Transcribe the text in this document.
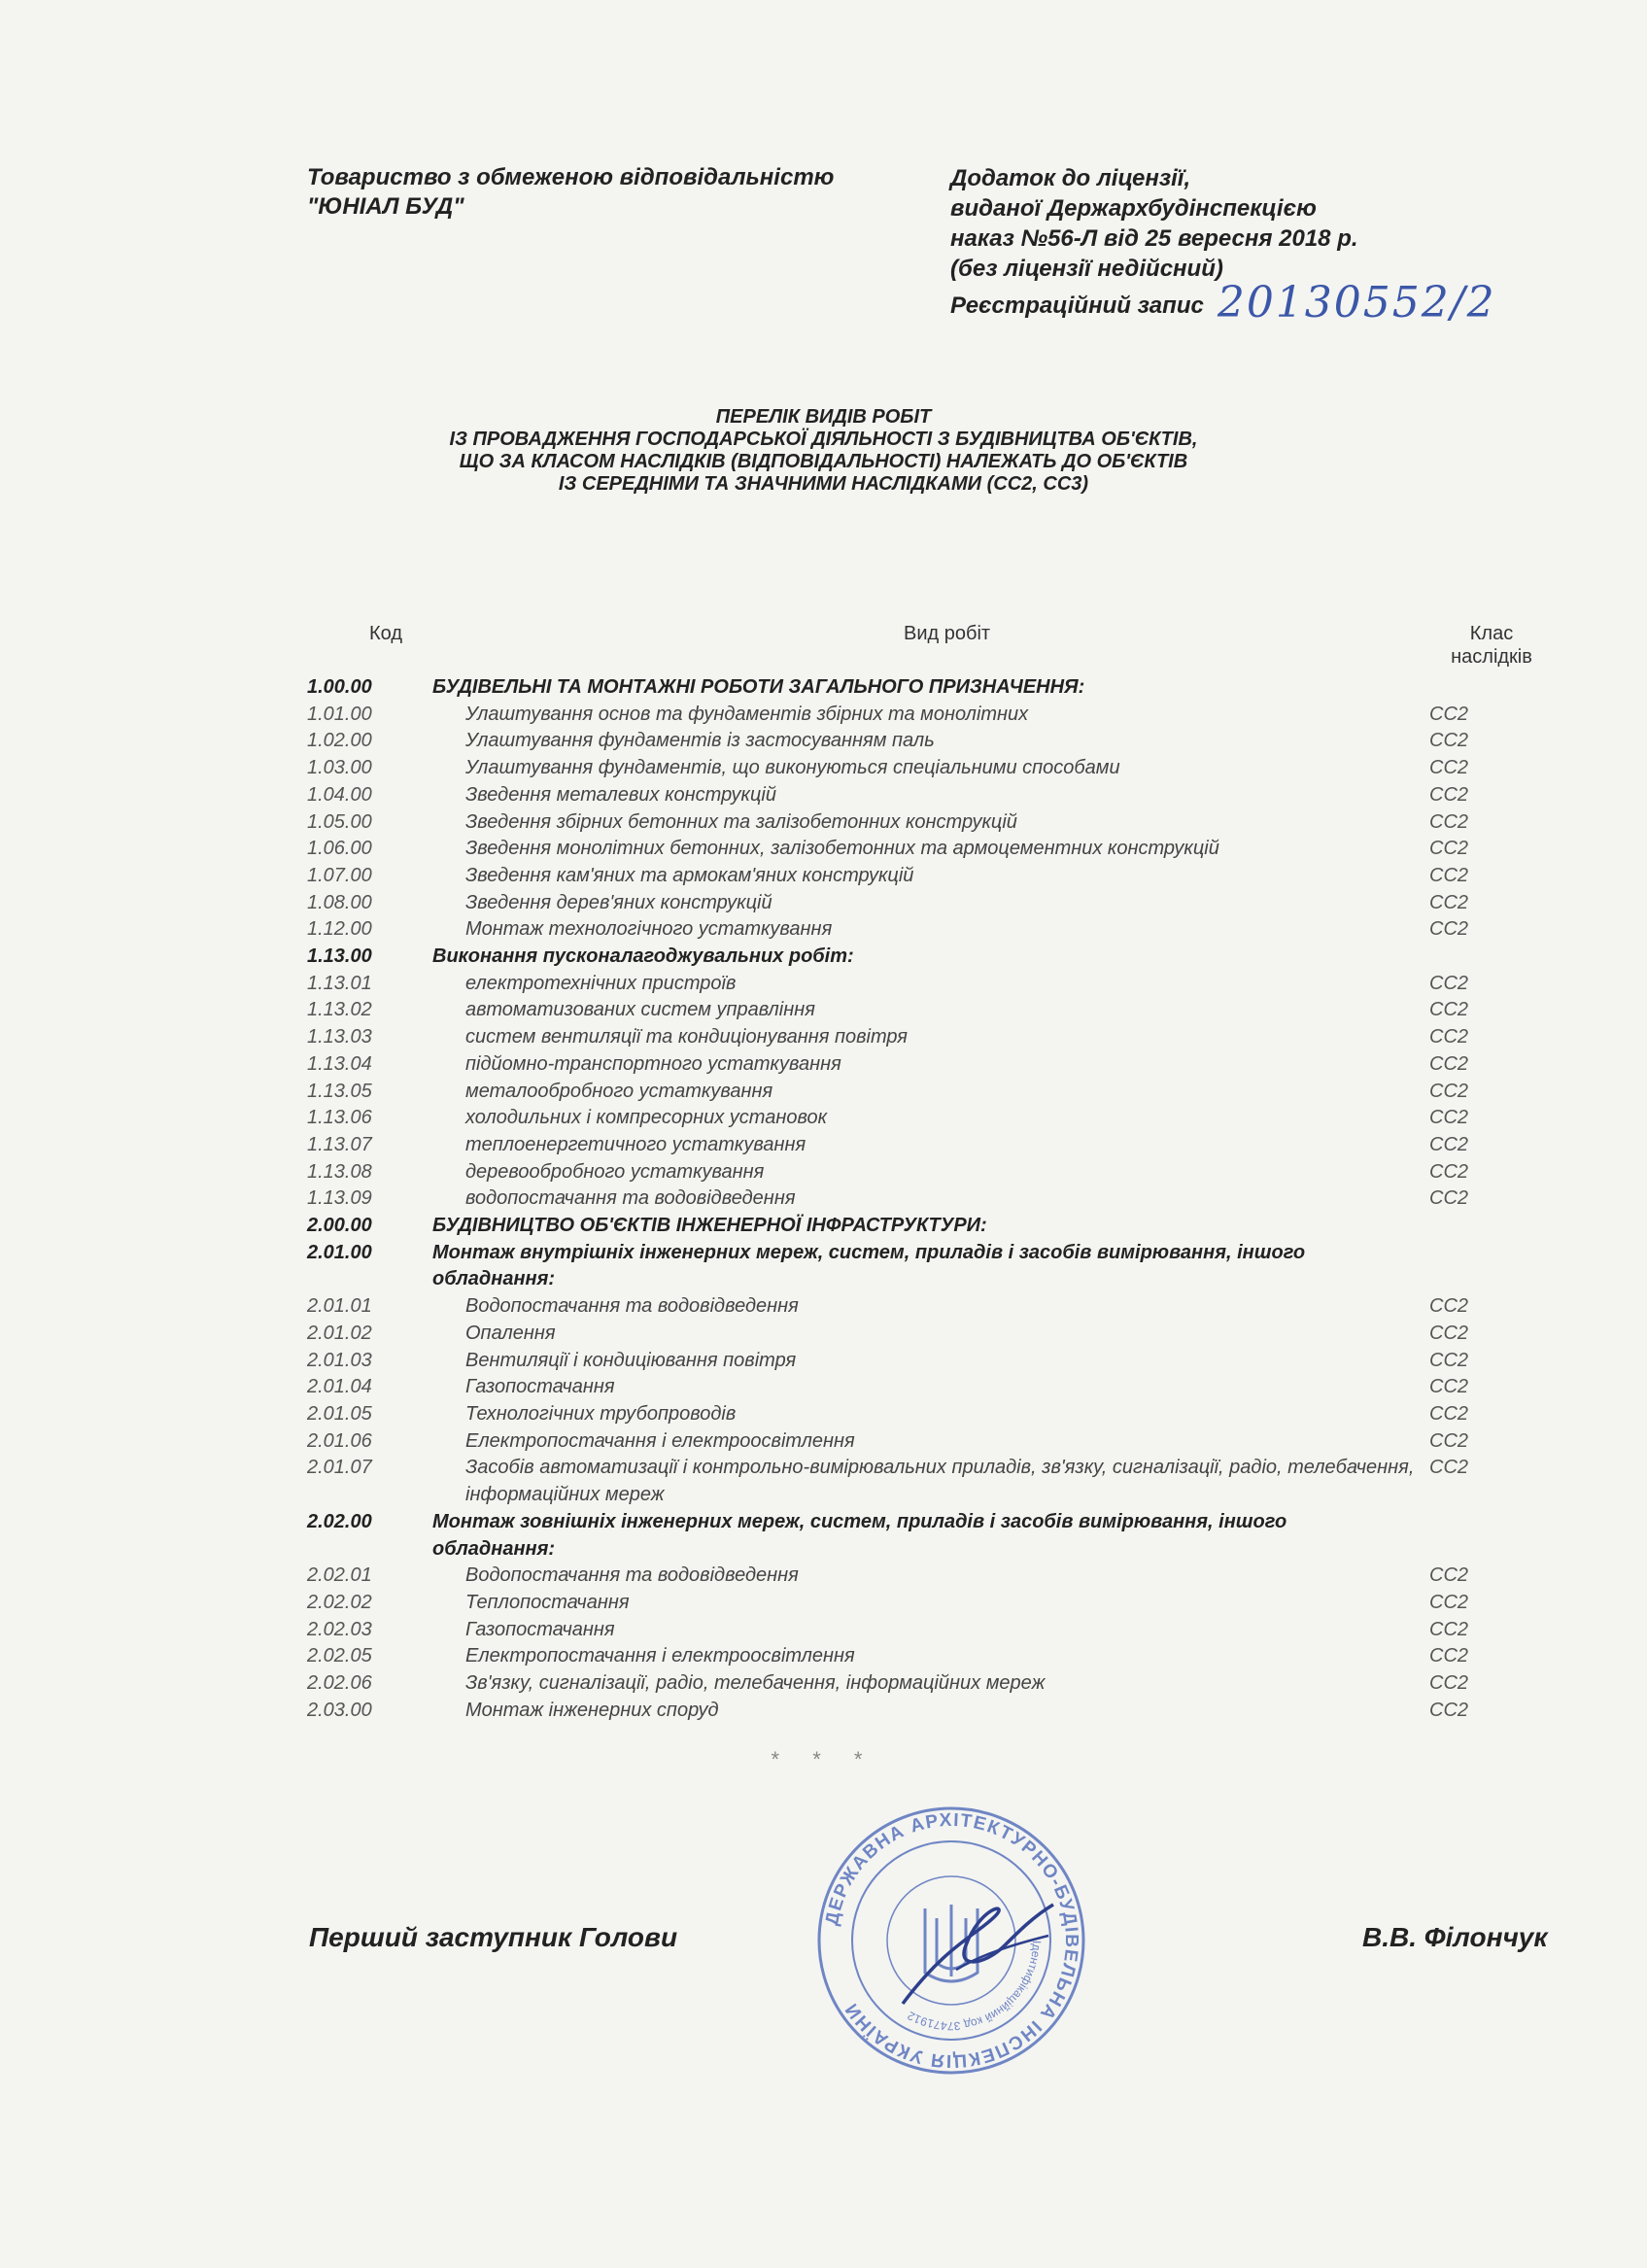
Товариство з обмеженою відповідальністю
"ЮНІАЛ БУД"
Додаток до ліцензії,
виданої Держархбудінспекцією
наказ №56-Л від 25 вересня 2018 р.
(без ліцензії недійсний)
Реєстраційний запис 20130552/2
ПЕРЕЛІК ВИДІВ РОБІТ
ІЗ ПРОВАДЖЕННЯ ГОСПОДАРСЬКОЇ ДІЯЛЬНОСТІ З БУДІВНИЦТВА ОБ'ЄКТІВ,
ЩО ЗА КЛАСОМ НАСЛІДКІВ (ВІДПОВІДАЛЬНОСТІ) НАЛЕЖАТЬ ДО ОБ'ЄКТІВ
ІЗ СЕРЕДНІМИ ТА ЗНАЧНИМИ НАСЛІДКАМИ (СС2, СС3)
Код	Вид робіт	Клас
наслідків
1.00.00	БУДІВЕЛЬНІ ТА МОНТАЖНІ РОБОТИ ЗАГАЛЬНОГО ПРИЗНАЧЕННЯ:
1.01.00	Улаштування основ та фундаментів збірних та монолітних	СС2
1.02.00	Улаштування фундаментів із застосуванням паль	СС2
1.03.00	Улаштування фундаментів, що виконуються спеціальними способами	СС2
1.04.00	Зведення металевих конструкцій	СС2
1.05.00	Зведення збірних бетонних та залізобетонних конструкцій	СС2
1.06.00	Зведення монолітних бетонних, залізобетонних та армоцементних конструкцій	СС2
1.07.00	Зведення кам'яних та армокам'яних конструкцій	СС2
1.08.00	Зведення дерев'яних конструкцій	СС2
1.12.00	Монтаж технологічного устаткування	СС2
1.13.00	Виконання пусконалагоджувальних робіт:
1.13.01	електротехнічних пристроїв	СС2
1.13.02	автоматизованих систем управління	СС2
1.13.03	систем вентиляції та кондиціонування повітря	СС2
1.13.04	підйомно-транспортного устаткування	СС2
1.13.05	металообробного устаткування	СС2
1.13.06	холодильних і компресорних установок	СС2
1.13.07	теплоенергетичного устаткування	СС2
1.13.08	деревообробного устаткування	СС2
1.13.09	водопостачання та водовідведення	СС2
2.00.00	БУДІВНИЦТВО ОБ'ЄКТІВ ІНЖЕНЕРНОЇ ІНФРАСТРУКТУРИ:
2.01.00	Монтаж внутрішніх інженерних мереж, систем, приладів і засобів вимірювання, іншого обладнання:
2.01.01	Водопостачання та водовідведення	СС2
2.01.02	Опалення	СС2
2.01.03	Вентиляції і кондиціювання повітря	СС2
2.01.04	Газопостачання	СС2
2.01.05	Технологічних трубопроводів	СС2
2.01.06	Електропостачання і електроосвітлення	СС2
2.01.07	Засобів автоматизації і контрольно-вимірювальних приладів, зв'язку, сигналізації, радіо, телебачення, інформаційних мереж
СС2
2.02.00	Монтаж зовнішніх інженерних мереж, систем, приладів і засобів вимірювання, іншого обладнання:
2.02.01	Водопостачання та водовідведення	СС2
2.02.02	Теплопостачання	СС2
2.02.03	Газопостачання	СС2
2.02.05	Електропостачання і електроосвітлення	СС2
2.02.06	Зв'язку, сигналізації, радіо, телебачення, інформаційних мереж	СС2
2.03.00	Монтаж інженерних споруд	СС2
* * *
Перший заступник Голови	В.В. Філончук
ДЕРЖАВНА АРХІТЕКТУРНО-БУДІВЕЛЬНА ІНСПЕКЦІЯ УКРАЇНИ
Ідентифікаційний код 37471912
